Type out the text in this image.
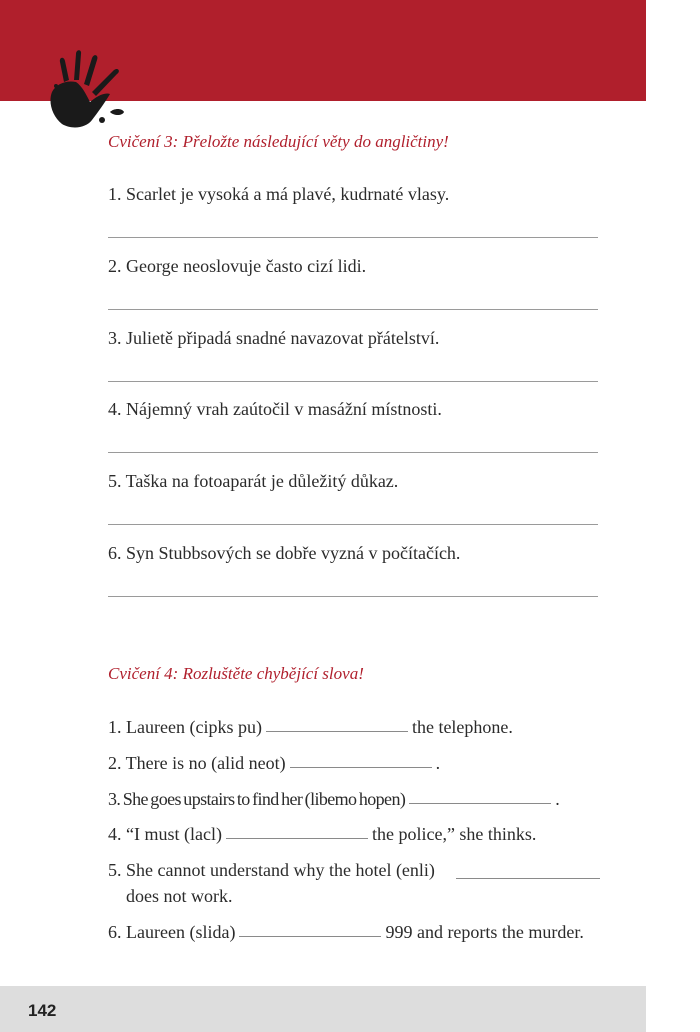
Cvičení 3: Přeložte následující věty do angličtiny!

1. Scarlet je vysoká a má plavé, kudrnaté vlasy.

2. George neoslovuje často cizí lidi.

3. Julietě připadá snadné navazovat přátelství.

4. Nájemný vrah zaútočil v masážní místnosti.

5. Taška na fotoaparát je důležitý důkaz.

6. Syn Stubbsových se dobře vyzná v počítačích.

Cvičení 4: Rozluštěte chybějící slova!

1. Laureen (cipks pu)	the telephone.

2. There is no (alid neot)	.

3. She goes upstairs to find her (libemo hopen)	.

4. “I must (lacl)	the police,” she thinks.

5. She cannot understand why the hotel (enli)

does not work.

6. Laureen (slida)	999 and reports the murder.

142
